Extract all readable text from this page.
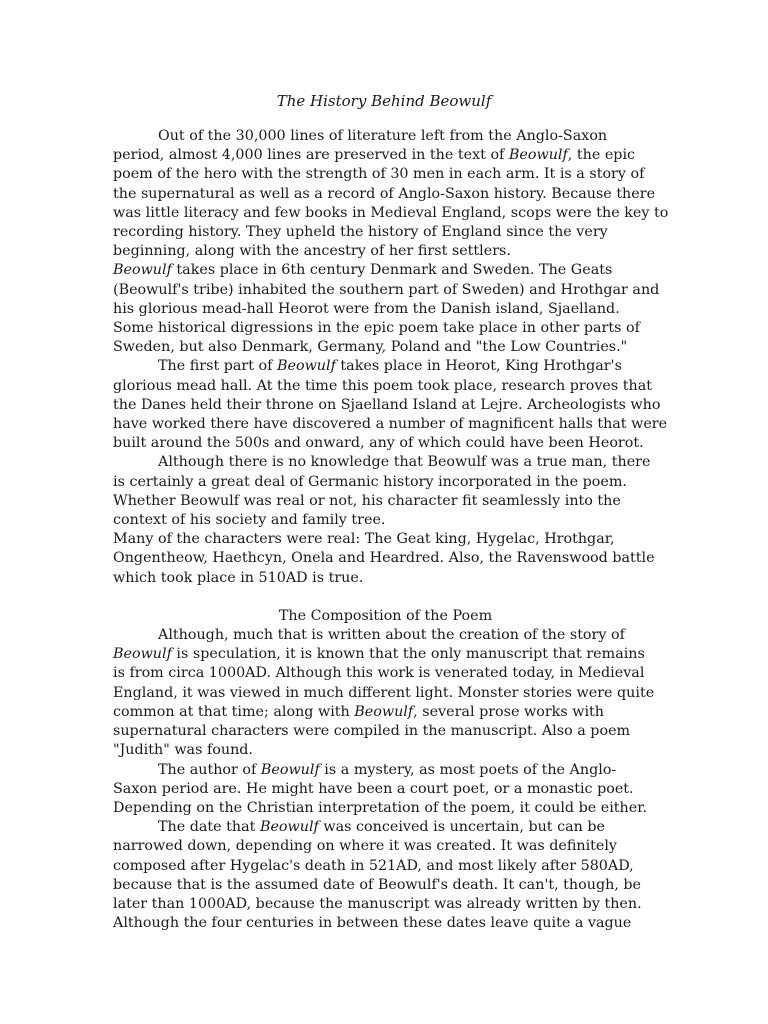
The History Behind Beowulf
Out of the 30,000 lines of literature left from the Anglo-Saxon
period, almost 4,000 lines are preserved in the text of Beowulf, the epic
poem of the hero with the strength of 30 men in each arm. It is a story of
the supernatural as well as a record of Anglo-Saxon history. Because there
was little literacy and few books in Medieval England, scops were the key to
recording history. They upheld the history of England since the very
beginning, along with the ancestry of her first settlers.
Beowulf takes place in 6th century Denmark and Sweden. The Geats
(Beowulf's tribe) inhabited the southern part of Sweden) and Hrothgar and
his glorious mead-hall Heorot were from the Danish island, Sjaelland.
Some historical digressions in the epic poem take place in other parts of
Sweden, but also Denmark, Germany, Poland and "the Low Countries."
The first part of Beowulf takes place in Heorot, King Hrothgar's
glorious mead hall. At the time this poem took place, research proves that
the Danes held their throne on Sjaelland Island at Lejre. Archeologists who
have worked there have discovered a number of magnificent halls that were
built around the 500s and onward, any of which could have been Heorot.
Although there is no knowledge that Beowulf was a true man, there
is certainly a great deal of Germanic history incorporated in the poem.
Whether Beowulf was real or not, his character fit seamlessly into the
context of his society and family tree.
Many of the characters were real: The Geat king, Hygelac, Hrothgar,
Ongentheow, Haethcyn, Onela and Heardred. Also, the Ravenswood battle
which took place in 510AD is true.
The Composition of the Poem
Although, much that is written about the creation of the story of
Beowulf is speculation, it is known that the only manuscript that remains
is from circa 1000AD. Although this work is venerated today, in Medieval
England, it was viewed in much different light. Monster stories were quite
common at that time; along with Beowulf, several prose works with
supernatural characters were compiled in the manuscript. Also a poem
"Judith" was found.
The author of Beowulf is a mystery, as most poets of the Anglo-
Saxon period are. He might have been a court poet, or a monastic poet.
Depending on the Christian interpretation of the poem, it could be either.
The date that Beowulf was conceived is uncertain, but can be
narrowed down, depending on where it was created. It was definitely
composed after Hygelac's death in 521AD, and most likely after 580AD,
because that is the assumed date of Beowulf's death. It can't, though, be
later than 1000AD, because the manuscript was already written by then.
Although the four centuries in between these dates leave quite a vague
